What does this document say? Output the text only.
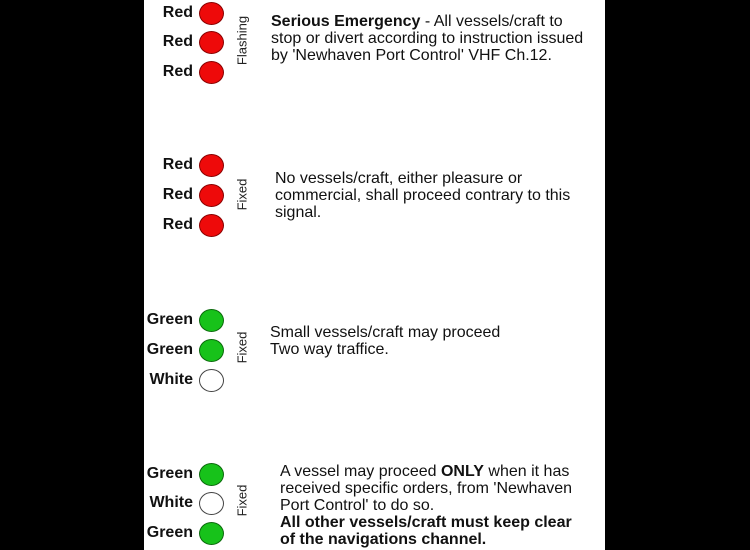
Red
Red
Red
Flashing Serious Emergency - All vessels/craft to
stop or divert according to instruction issued
by 'Newhaven Port Control' VHF Ch.12.
Red
Red
Red
Fixed
No vessels/craft, either pleasure or
commercial, shall proceed contrary to this
signal.
Green
Green
White
Fixed Small vessels/craft may proceed
Two way traffice.
Green
White
Green
Fixed
A vessel may proceed ONLY when it has
received specific orders, from 'Newhaven
Port Control' to do so.
All other vessels/craft must keep clear
of the navigations channel.
